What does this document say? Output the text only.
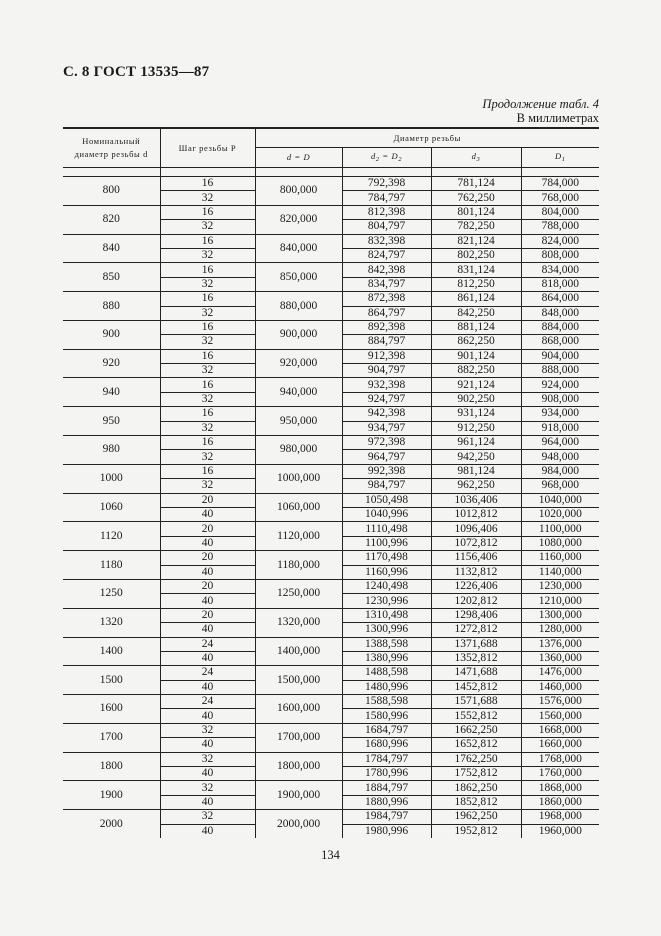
С. 8 ГОСТ 13535—87
Продолжение табл. 4
В миллиметрах
Номинальный
диаметр резьбы d	Шаг резьбы P	Диаметр резьбы			
		d = D	$d_2 = D_2$	$d_3$	$D_1$

800	16	800,000	792,398	781,124	784,000
	32		784,797	762,250	768,000
820	16	820,000	812,398	801,124	804,000
	32		804,797	782,250	788,000
840	16	840,000	832,398	821,124	824,000
	32		824,797	802,250	808,000
850	16	850,000	842,398	831,124	834,000
	32		834,797	812,250	818,000
880	16	880,000	872,398	861,124	864,000
	32		864,797	842,250	848,000
900	16	900,000	892,398	881,124	884,000
	32		884,797	862,250	868,000
920	16	920,000	912,398	901,124	904,000
	32		904,797	882,250	888,000
940	16	940,000	932,398	921,124	924,000
	32		924,797	902,250	908,000
950	16	950,000	942,398	931,124	934,000
	32		934,797	912,250	918,000
980	16	980,000	972,398	961,124	964,000
	32		964,797	942,250	948,000
1000	16	1000,000	992,398	981,124	984,000
	32		984,797	962,250	968,000
1060	20	1060,000	1050,498	1036,406	1040,000
	40		1040,996	1012,812	1020,000
1120	20	1120,000	1110,498	1096,406	1100,000
	40		1100,996	1072,812	1080,000
1180	20	1180,000	1170,498	1156,406	1160,000
	40		1160,996	1132,812	1140,000
1250	20	1250,000	1240,498	1226,406	1230,000
	40		1230,996	1202,812	1210,000
1320	20	1320,000	1310,498	1298,406	1300,000
	40		1300,996	1272,812	1280,000
1400	24	1400,000	1388,598	1371,688	1376,000
	40		1380,996	1352,812	1360,000
1500	24	1500,000	1488,598	1471,688	1476,000
	40		1480,996	1452,812	1460,000
1600	24	1600,000	1588,598	1571,688	1576,000
	40		1580,996	1552,812	1560,000
1700	32	1700,000	1684,797	1662,250	1668,000
	40		1680,996	1652,812	1660,000
1800	32	1800,000	1784,797	1762,250	1768,000
	40		1780,996	1752,812	1760,000
1900	32	1900,000	1884,797	1862,250	1868,000
	40		1880,996	1852,812	1860,000
2000	32	2000,000	1984,797	1962,250	1968,000
	40		1980,996	1952,812	1960,000
134
